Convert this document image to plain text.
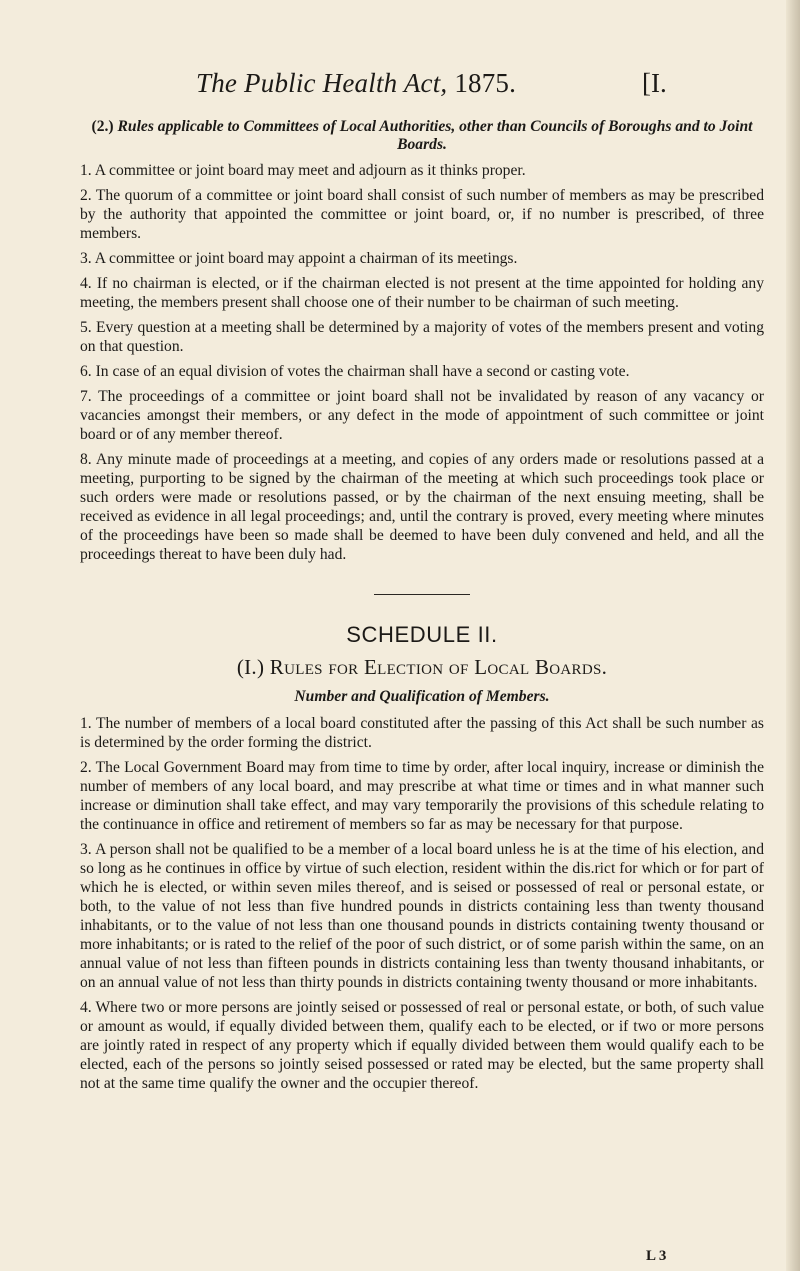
The Public Health Act, 1875.	[I.
(2.) Rules applicable to Committees of Local Authorities, other than Councils of Boroughs and to Joint Boards.

1. A committee or joint board may meet and adjourn as it thinks proper.

2. The quorum of a committee or joint board shall consist of such number of members as may be prescribed by the authority that appointed the committee or joint board, or, if no number is prescribed, of three members.

3. A committee or joint board may appoint a chairman of its meetings.

4. If no chairman is elected, or if the chairman elected is not present at the time appointed for holding any meeting, the members present shall choose one of their number to be chairman of such meeting.

5. Every question at a meeting shall be determined by a majority of votes of the members present and voting on that question.

6. In case of an equal division of votes the chairman shall have a second or casting vote.

7. The proceedings of a committee or joint board shall not be invalidated by reason of any vacancy or vacancies amongst their members, or any defect in the mode of appointment of such committee or joint board or of any member thereof.

8. Any minute made of proceedings at a meeting, and copies of any orders made or resolutions passed at a meeting, purporting to be signed by the chairman of the meeting at which such proceedings took place or such orders were made or resolutions passed, or by the chairman of the next ensuing meeting, shall be received as evidence in all legal proceedings; and, until the contrary is proved, every meeting where minutes of the proceedings have been so made shall be deemed to have been duly convened and held, and all the proceedings thereat to have been duly had.

SCHEDULE II.
(I.) Rules for Election of Local Boards.
Number and Qualification of Members.

1. The number of members of a local board constituted after the passing of this Act shall be such number as is determined by the order forming the district.

2. The Local Government Board may from time to time by order, after local inquiry, increase or diminish the number of members of any local board, and may prescribe at what time or times and in what manner such increase or diminution shall take effect, and may vary temporarily the provisions of this schedule relating to the continuance in office and retirement of members so far as may be necessary for that purpose.

3. A person shall not be qualified to be a member of a local board unless he is at the time of his election, and so long as he continues in office by virtue of such election, resident within the dis.rict for which or for part of which he is elected, or within seven miles thereof, and is seised or possessed of real or personal estate, or both, to the value of not less than five hundred pounds in districts containing less than twenty thousand inhabitants, or to the value of not less than one thousand pounds in districts containing twenty thousand or more inhabitants; or is rated to the relief of the poor of such district, or of some parish within the same, on an annual value of not less than fifteen pounds in districts containing less than twenty thousand inhabitants, or on an annual value of not less than thirty pounds in districts containing twenty thousand or more inhabitants.

4. Where two or more persons are jointly seised or possessed of real or personal estate, or both, of such value or amount as would, if equally divided between them, qualify each to be elected, or if two or more persons are jointly rated in respect of any property which if equally divided between them would qualify each to be elected, each of the persons so jointly seised possessed or rated may be elected, but the same property shall not at the same time qualify the owner and the occupier thereof.

L 3
